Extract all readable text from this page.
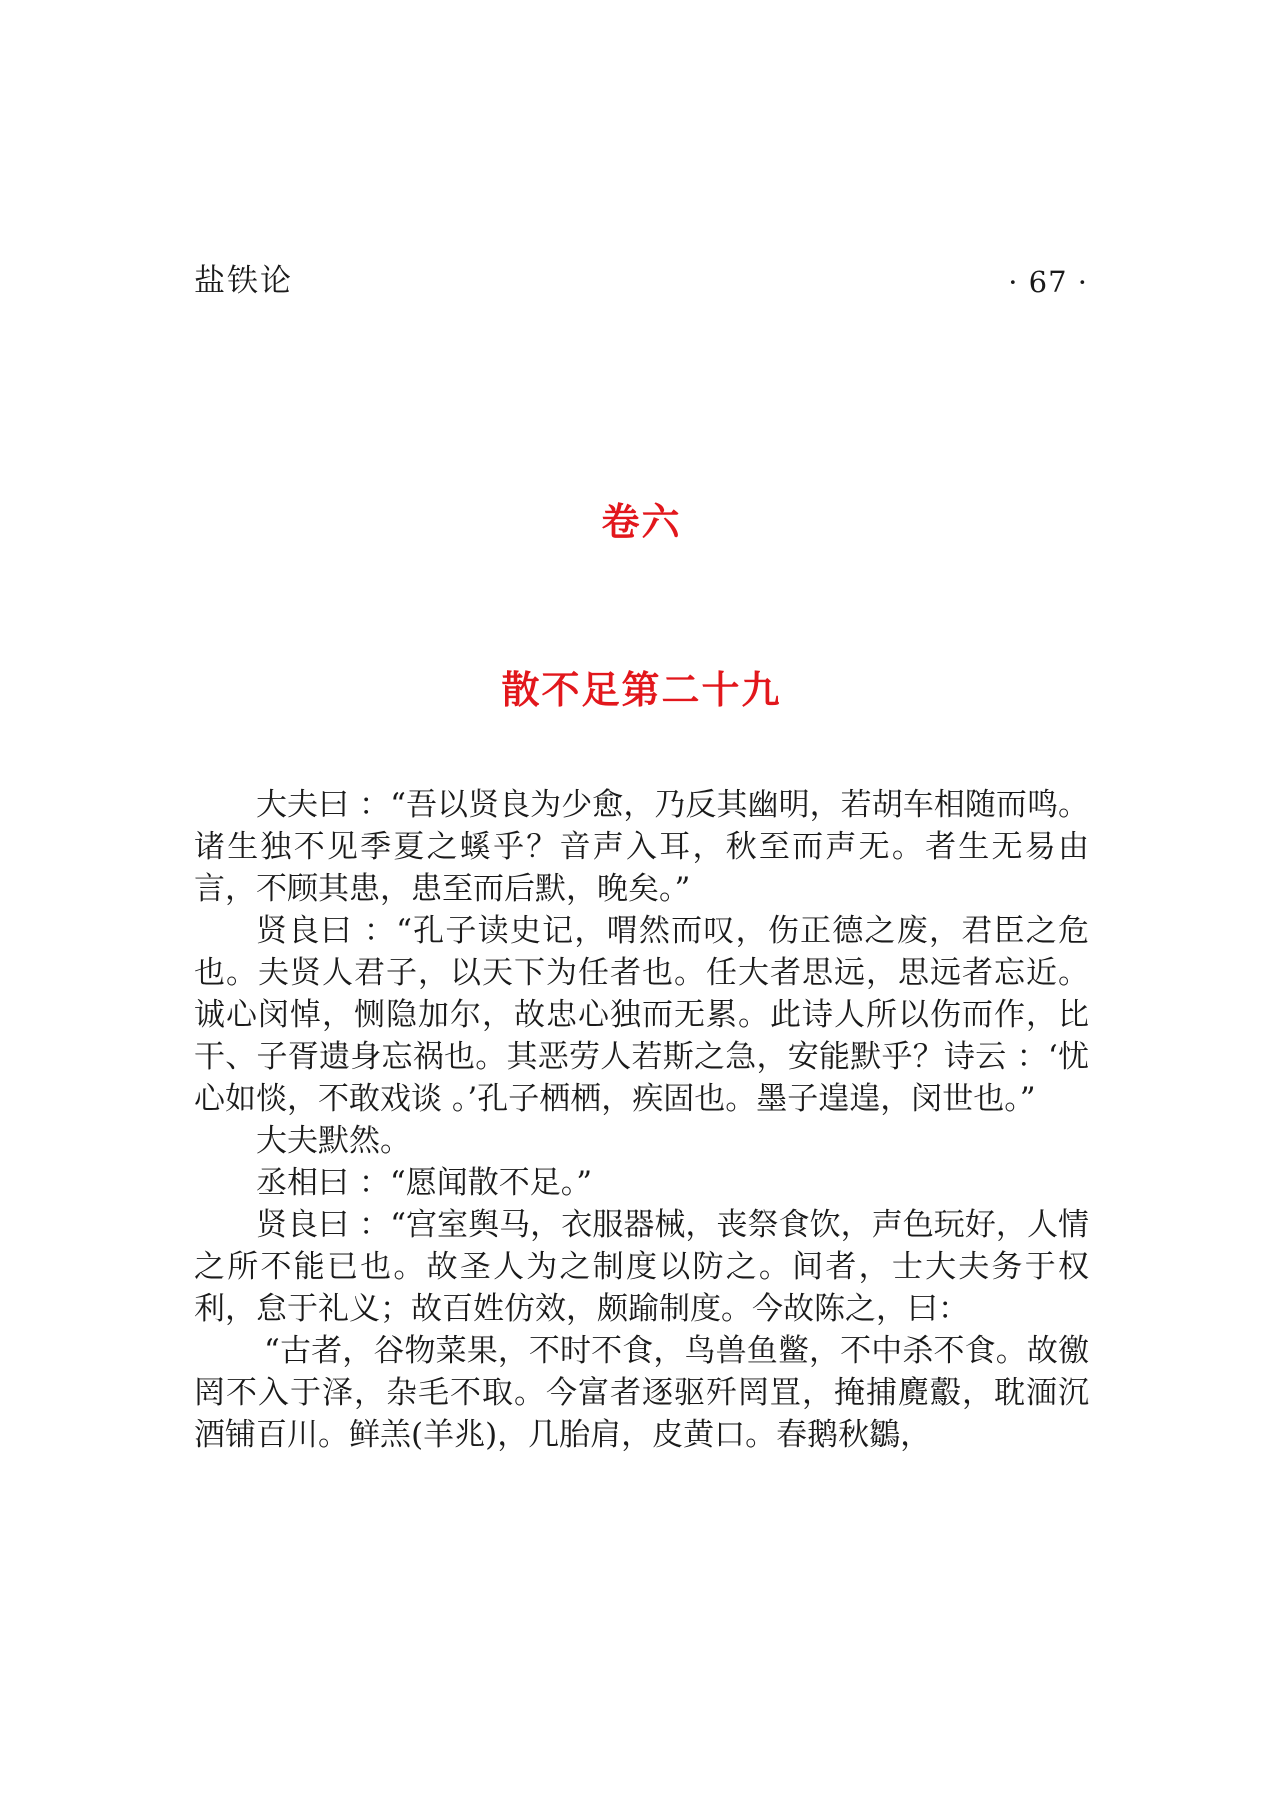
盐铁论	· 67 ·
卷六
散不足第二十九

大夫曰 ：“吾以贤良为少愈，乃反其幽明，若胡车相随而鸣。诸生独不见季夏之螇乎？音声入耳，秋至而声无。者生无易由言，不顾其患，患至而后默，晚矣。”

贤良曰 ：“孔子读史记，喟然而叹，伤正德之废，君臣之危也。夫贤人君子，以天下为任者也。任大者思远，思远者忘近。诚心闵悼，恻隐加尔，故忠心独而无累。此诗人所以伤而作，比干、子胥遗身忘祸也。其恶劳人若斯之急，安能默乎？诗云 ：‘忧心如惔，不敢戏谈 。’孔子栖栖，疾固也。墨子遑遑，闵世也。”

大夫默然。

丞相曰 ：“愿闻散不足。”

贤良曰 ：“宫室舆马，衣服器械，丧祭食饮，声色玩好，人情之所不能已也。故圣人为之制度以防之。间者，士大夫务于权利，怠于礼义；故百姓仿效，颇踰制度。今故陈之，曰：

“古者，谷物菜果，不时不食，鸟兽鱼鳖，不中杀不食。故徼罔不入于泽，杂毛不取。今富者逐驱歼罔罝，掩捕麑鷇，耽湎沉酒铺百川。鲜羔(羊兆)，几胎肩，皮黄口。春鹅秋鶵，
